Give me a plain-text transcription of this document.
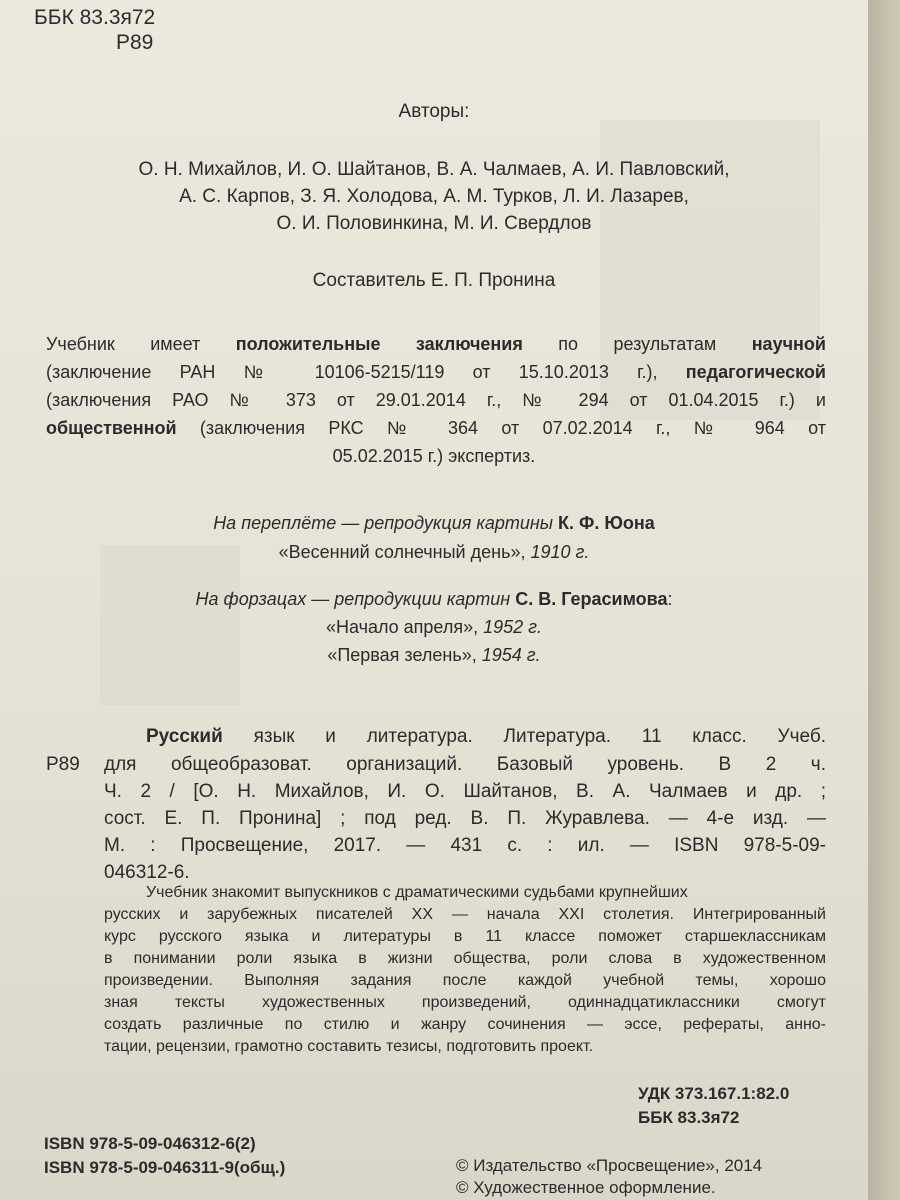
ББК 83.3я72
Р89
Авторы:
О. Н. Михайлов, И. О. Шайтанов, В. А. Чалмаев, А. И. Павловский,
А. С. Карпов, З. Я. Холодова, А. М. Турков, Л. И. Лазарев,
О. И. Половинкина, М. И. Свердлов
Составитель Е. П. Пронина
Учебник имеет положительные заключения по результатам научной
(заключение РАН № 10106-5215/119 от 15.10.2013 г.), педагогической
(заключения РАО № 373 от 29.01.2014 г., № 294 от 01.04.2015 г.) и
общественной (заключения РКС № 364 от 07.02.2014 г., № 964 от
05.02.2015 г.) экспертиз.
На переплёте — репродукция картины К. Ф. Юона
«Весенний солнечный день», 1910 г.
На форзацах — репродукции картин С. В. Герасимова:
«Начало апреля», 1952 г.
«Первая зелень», 1954 г.
Р89
Русский язык и литература. Литература. 11 класс. Учеб.
для общеобразоват. организаций. Базовый уровень. В 2 ч.
Ч. 2 / [О. Н. Михайлов, И. О. Шайтанов, В. А. Чалмаев и др. ;
сост. Е. П. Пронина] ; под ред. В. П. Журавлева. — 4-е изд. —
М. : Просвещение, 2017. — 431 с. : ил. — ISBN 978-5-09-
046312-6.
Учебник знакомит выпускников с драматическими судьбами крупнейших
русских и зарубежных писателей XX — начала XXI столетия. Интегрированный
курс русского языка и литературы в 11 классе поможет старшеклассникам
в понимании роли языка в жизни общества, роли слова в художественном
произведении. Выполняя задания после каждой учебной темы, хорошо
зная тексты художественных произведений, одиннадцатиклассники смогут
создать различные по стилю и жанру сочинения — эссе, рефераты, анно-
тации, рецензии, грамотно составить тезисы, подготовить проект.
УДК 373.167.1:82.0
ББК 83.3я72
ISBN 978-5-09-046312-6(2)
ISBN 978-5-09-046311-9(общ.)	© Издательство «Просвещение», 2014
© Художественное оформление.
